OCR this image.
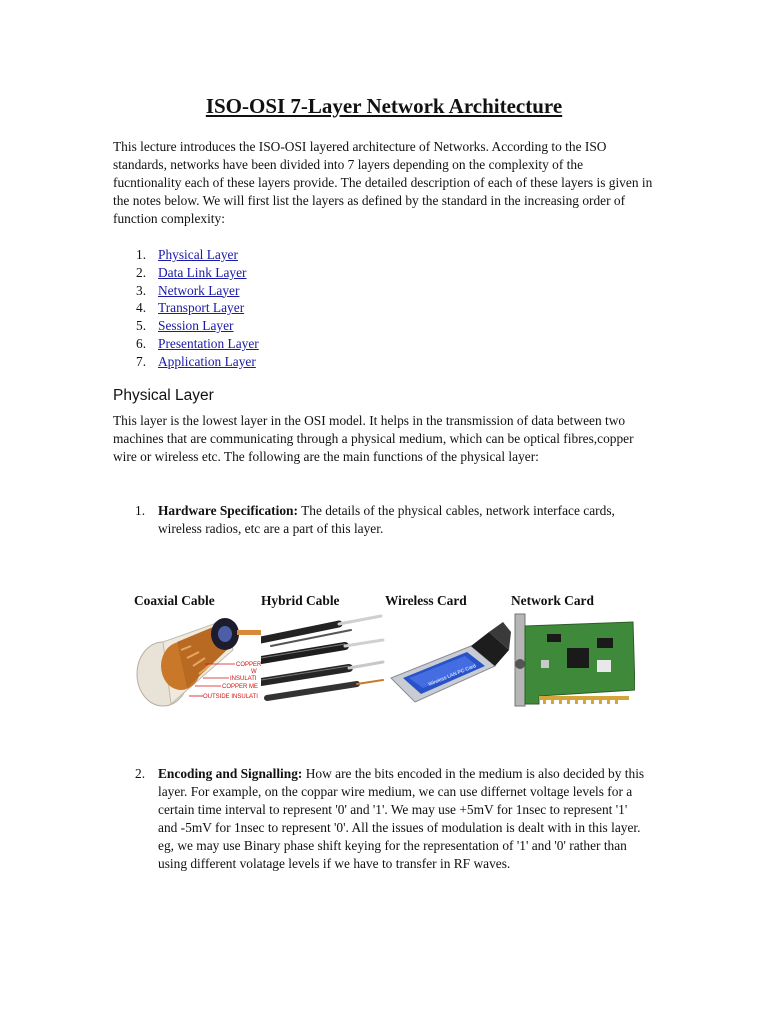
ISO-OSI 7-Layer Network Architecture

This lecture introduces the ISO-OSI layered architecture of Networks. According to the ISO standards, networks have been divided into 7 layers depending on the complexity of the fucntionality each of these layers provide. The detailed description of each of these layers is given in the notes below. We will first list the layers as defined by the standard in the increasing order of function complexity:

1. Physical Layer
2. Data Link Layer
3. Network Layer
4. Transport Layer
5. Session Layer
6. Presentation Layer
7. Application Layer
Physical Layer

This layer is the lowest layer in the OSI model. It helps in the transmission of data between two machines that are communicating through a physical medium, which can be optical fibres,copper wire or wireless etc. The following are the main functions of the physical layer:

1. Hardware Specification: The details of the physical cables, network interface cards, wireless radios, etc are a part of this layer.
Coaxial Cable	Hybrid Cable	Wireless Card	Network Card
COPPER
W
INSULATI
COPPER ME
OUTSIDE INSULATI
Wireless LAN PC Card
2. Encoding and Signalling: How are the bits encoded in the medium is also decided by this layer. For example, on the coppar wire medium, we can use differnet voltage levels for a certain time interval to represent '0' and '1'. We may use +5mV for 1nsec to represent '1' and -5mV for 1nsec to represent '0'. All the issues of modulation is dealt with in this layer. eg, we may use Binary phase shift keying for the representation of '1' and '0' rather than using different volatage levels if we have to transfer in RF waves.
